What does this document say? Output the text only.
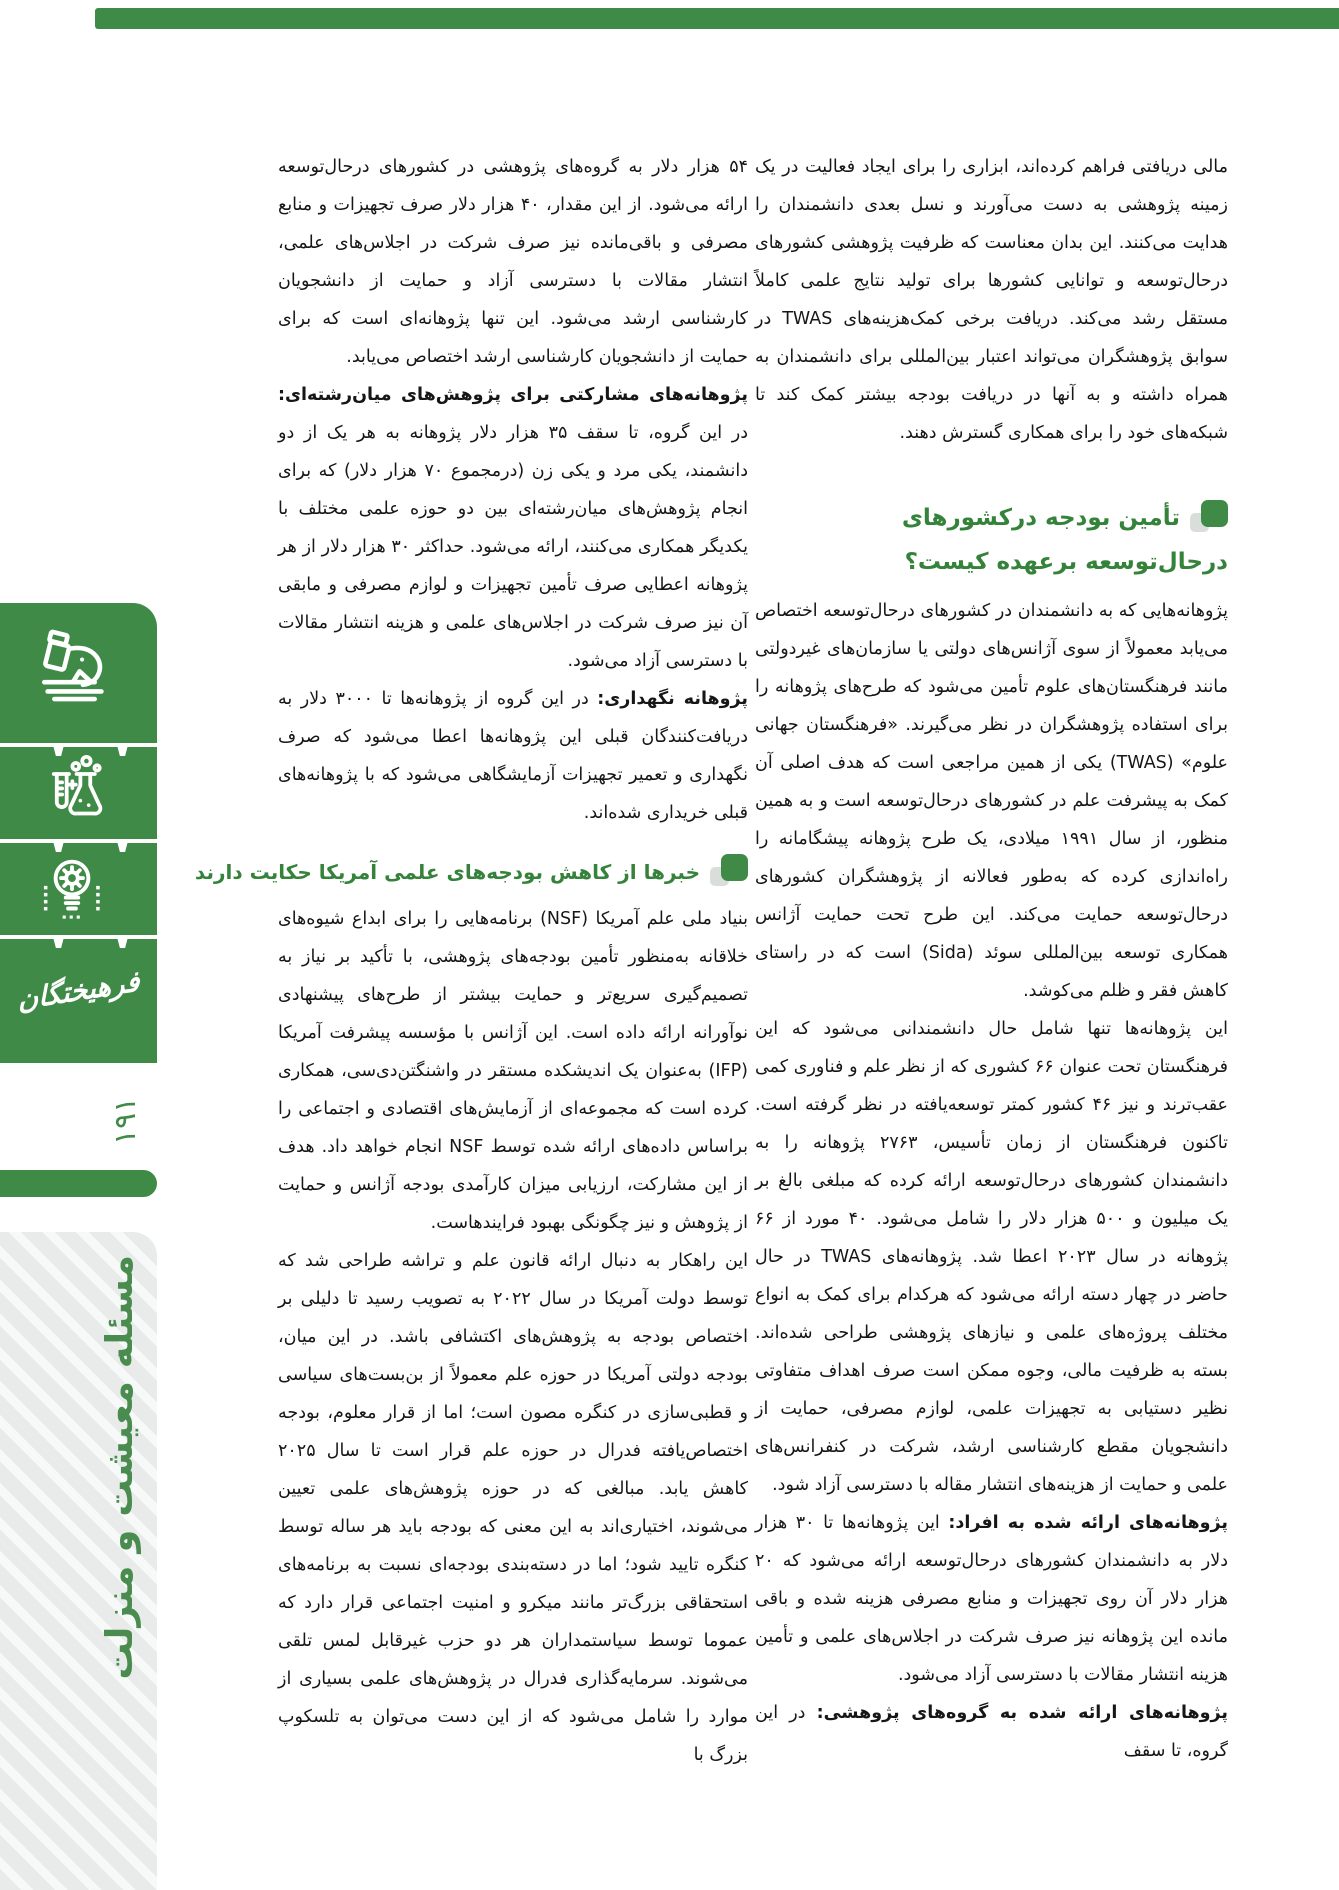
فرهیختگان
۱۹۱
مسئله معیشت و منزلت

مالی دریافتی فراهم کرده‌اند، ابزاری را برای ایجاد فعالیت در یک زمینه پژوهشی به دست می‌آورند و نسل بعدی دانشمندان را هدایت می‌کنند. این بدان معناست که ظرفیت پژوهشی کشورهای درحال‌توسعه و توانایی کشورها برای تولید نتایج علمی کاملاً مستقل رشد می‌کند. دریافت برخی کمک‌هزینه‌های TWAS در سوابق پژوهشگران می‌تواند اعتبار بین‌المللی برای دانشمندان به همراه داشته و به آنها در دریافت بودجه بیشتر کمک کند تا شبکه‌های خود را برای همکاری گسترش دهند.

تأمین بودجه درکشورهای درحال‌توسعه برعهده کیست؟

پژوهانه‌هایی که به دانشمندان در کشورهای درحال‌توسعه اختصاص می‌یابد معمولاً از سوی آژانس‌های دولتی یا سازمان‌های غیردولتی مانند فرهنگستان‌های علوم تأمین می‌شود که طرح‌های پژوهانه را برای استفاده پژوهشگران در نظر می‌گیرند. «فرهنگستان جهانی علوم» (TWAS) یکی از همین مراجعی است که هدف اصلی آن کمک به پیشرفت علم در کشورهای درحال‌توسعه است و به همین منظور، از سال ۱۹۹۱ میلادی، یک طرح پژوهانه پیشگامانه را راه‌اندازی کرده که به‌طور فعالانه از پژوهشگران کشورهای درحال‌توسعه حمایت می‌کند. این طرح تحت حمایت آژانس همکاری توسعه بین‌المللی سوئد (Sida) است که در راستای کاهش فقر و ظلم می‌کوشد.

این پژوهانه‌ها تنها شامل حال دانشمندانی می‌شود که این فرهنگستان تحت عنوان ۶۶ کشوری که از نظر علم و فناوری کمی عقب‌ترند و نیز ۴۶ کشور کمتر توسعه‌یافته در نظر گرفته است. تاکنون فرهنگستان از زمان تأسیس، ۲۷۶۳ پژوهانه را به دانشمندان کشورهای درحال‌توسعه ارائه کرده که مبلغی بالغ بر یک میلیون و ۵۰۰ هزار دلار را شامل می‌شود. ۴۰ مورد از ۶۶ پژوهانه در سال ۲۰۲۳ اعطا شد. پژوهانه‌های TWAS در حال حاضر در چهار دسته ارائه می‌شود که هرکدام برای کمک به انواع مختلف پروژه‌های علمی و نیازهای پژوهشی طراحی شده‌اند. بسته به ظرفیت مالی، وجوه ممکن است صرف اهداف متفاوتی نظیر دستیابی به تجهیزات علمی، لوازم مصرفی، حمایت از دانشجویان مقطع کارشناسی ارشد، شرکت در کنفرانس‌های علمی و حمایت از هزینه‌های انتشار مقاله با دسترسی آزاد شود.

پژوهانه‌های ارائه شده به افراد: این پژوهانه‌ها تا ۳۰ هزار دلار به دانشمندان کشورهای درحال‌توسعه ارائه می‌شود که ۲۰ هزار دلار آن روی تجهیزات و منابع مصرفی هزینه شده و باقی مانده این پژوهانه نیز صرف شرکت در اجلاس‌های علمی و تأمین هزینه انتشار مقالات با دسترسی آزاد می‌شود.

پژوهانه‌های ارائه شده به گروه‌های پژوهشی: در این گروه، تا سقف

۵۴ هزار دلار به گروه‌های پژوهشی در کشورهای درحال‌توسعه ارائه می‌شود. از این مقدار، ۴۰ هزار دلار صرف تجهیزات و منابع مصرفی و باقی‌مانده نیز صرف شرکت در اجلاس‌های علمی، انتشار مقالات با دسترسی آزاد و حمایت از دانشجویان کارشناسی ارشد می‌شود. این تنها پژوهانه‌ای است که برای حمایت از دانشجویان کارشناسی ارشد اختصاص می‌یابد.

پژوهانه‌های مشارکتی برای پژوهش‌های میان‌رشته‌ای: در این گروه، تا سقف ۳۵ هزار دلار پژوهانه به هر یک از دو دانشمند، یکی مرد و یکی زن (درمجموع ۷۰ هزار دلار) که برای انجام پژوهش‌های میان‌رشته‌ای بین دو حوزه علمی مختلف با یکدیگر همکاری می‌کنند، ارائه می‌شود. حداکثر ۳۰ هزار دلار از هر پژوهانه اعطایی صرف تأمین تجهیزات و لوازم مصرفی و مابقی آن نیز صرف شرکت در اجلاس‌های علمی و هزینه انتشار مقالات با دسترسی آزاد می‌شود.

پژوهانه نگهداری: در این گروه از پژوهانه‌ها تا ۳۰۰۰ دلار به دریافت‌کنندگان قبلی این پژوهانه‌ها اعطا می‌شود که صرف نگهداری و تعمیر تجهیزات آزمایشگاهی می‌شود که با پژوهانه‌های قبلی خریداری شده‌اند.

خبرها از کاهش بودجه‌های علمی آمریکا حکایت دارند

بنیاد ملی علم آمریکا (NSF) برنامه‌هایی را برای ابداع شیوه‌های خلاقانه به‌منظور تأمین بودجه‌های پژوهشی، با تأکید بر نیاز به تصمیم‌گیری سریع‌تر و حمایت بیشتر از طرح‌های پیشنهادی نوآورانه ارائه داده است. این آژانس با مؤسسه پیشرفت آمریکا (IFP) به‌عنوان یک اندیشکده مستقر در واشنگتن‌دی‌سی، همکاری کرده است که مجموعه‌ای از آزمایش‌های اقتصادی و اجتماعی را براساس داده‌های ارائه شده توسط NSF انجام خواهد داد. هدف از این مشارکت، ارزیابی میزان کارآمدی بودجه آژانس و حمایت از پژوهش و نیز چگونگی بهبود فرایندهاست.

این راهکار به دنبال ارائه قانون علم و تراشه طراحی شد که توسط دولت آمریکا در سال ۲۰۲۲ به تصویب رسید تا دلیلی بر اختصاص بودجه به پژوهش‌های اکتشافی باشد. در این میان، بودجه دولتی آمریکا در حوزه علم معمولاً از بن‌بست‌های سیاسی و قطبی‌سازی در کنگره مصون است؛ اما از قرار معلوم، بودجه اختصاص‌یافته فدرال در حوزه علم قرار است تا سال ۲۰۲۵ کاهش یابد. مبالغی که در حوزه پژوهش‌های علمی تعیین می‌شوند، اختیاری‌اند به این معنی که بودجه باید هر ساله توسط کنگره تایید شود؛ اما در دسته‌بندی بودجه‌ای نسبت به برنامه‌های استحقاقی بزرگ‌تر مانند میکرو و امنیت اجتماعی قرار دارد که عموما توسط سیاستمداران هر دو حزب غیرقابل لمس تلقی می‌شوند. سرمایه‌گذاری فدرال در پژوهش‌های علمی بسیاری از موارد را شامل می‌شود که از این دست می‌توان به تلسکوپ بزرگ با
